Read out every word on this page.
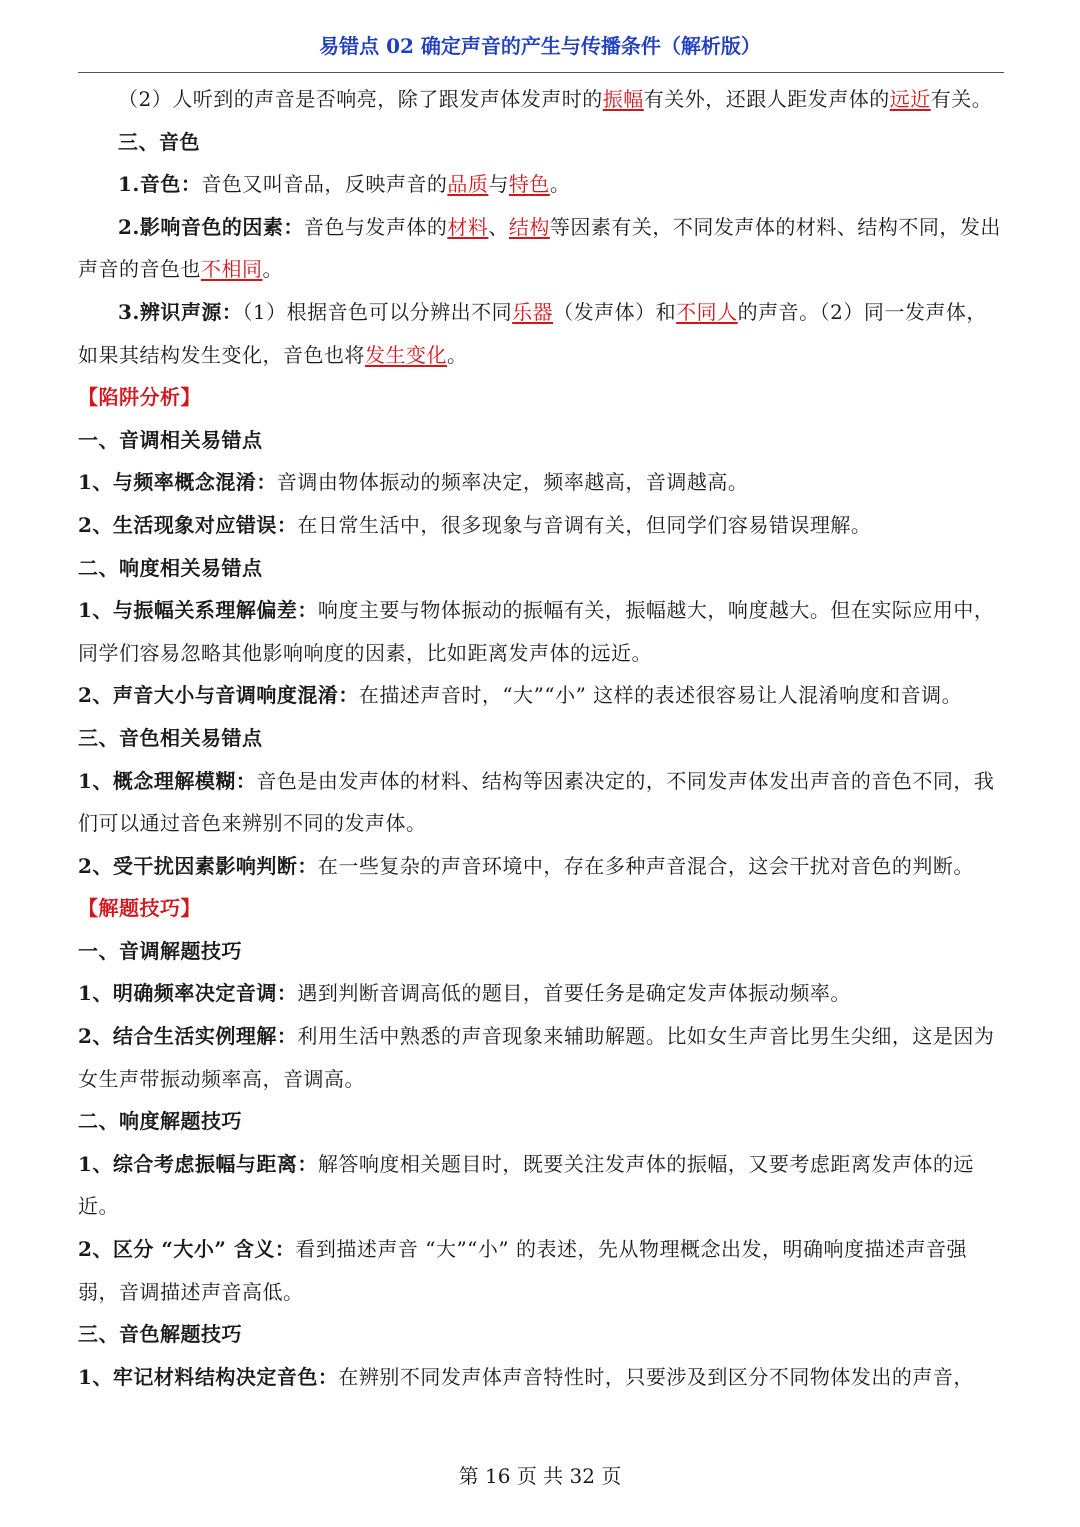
易错点 02 确定声音的产生与传播条件（解析版）

（2）人听到的声音是否响亮，除了跟发声体发声时的振幅有关外，还跟人距发声体的远近有关。

三、音色

1.音色：音色又叫音品，反映声音的品质与特色。

2.影响音色的因素：音色与发声体的材料、结构等因素有关，不同发声体的材料、结构不同，发出声音的音色也不相同。

3.辨识声源：（1）根据音色可以分辨出不同乐器（发声体）和不同人的声音。（2）同一发声体，如果其结构发生变化，音色也将发生变化。

【陷阱分析】

一、音调相关易错点

1、与频率概念混淆：音调由物体振动的频率决定，频率越高，音调越高。

2、生活现象对应错误：在日常生活中，很多现象与音调有关，但同学们容易错误理解。

二、响度相关易错点

1、与振幅关系理解偏差：响度主要与物体振动的振幅有关，振幅越大，响度越大。但在实际应用中，同学们容易忽略其他影响响度的因素，比如距离发声体的远近。

2、声音大小与音调响度混淆：在描述声音时，“大”“小” 这样的表述很容易让人混淆响度和音调。

三、音色相关易错点

1、概念理解模糊：音色是由发声体的材料、结构等因素决定的，不同发声体发出声音的音色不同，我们可以通过音色来辨别不同的发声体。

2、受干扰因素影响判断：在一些复杂的声音环境中，存在多种声音混合，这会干扰对音色的判断。

【解题技巧】

一、音调解题技巧

1、明确频率决定音调：遇到判断音调高低的题目，首要任务是确定发声体振动频率。

2、结合生活实例理解：利用生活中熟悉的声音现象来辅助解题。比如女生声音比男生尖细，这是因为女生声带振动频率高，音调高。

二、响度解题技巧

1、综合考虑振幅与距离：解答响度相关题目时，既要关注发声体的振幅，又要考虑距离发声体的远近。

2、区分 “大小” 含义：看到描述声音 “大”“小” 的表述，先从物理概念出发，明确响度描述声音强弱，音调描述声音高低。

三、音色解题技巧

1、牢记材料结构决定音色：在辨别不同发声体声音特性时，只要涉及到区分不同物体发出的声音，

第 16 页 共 32 页
